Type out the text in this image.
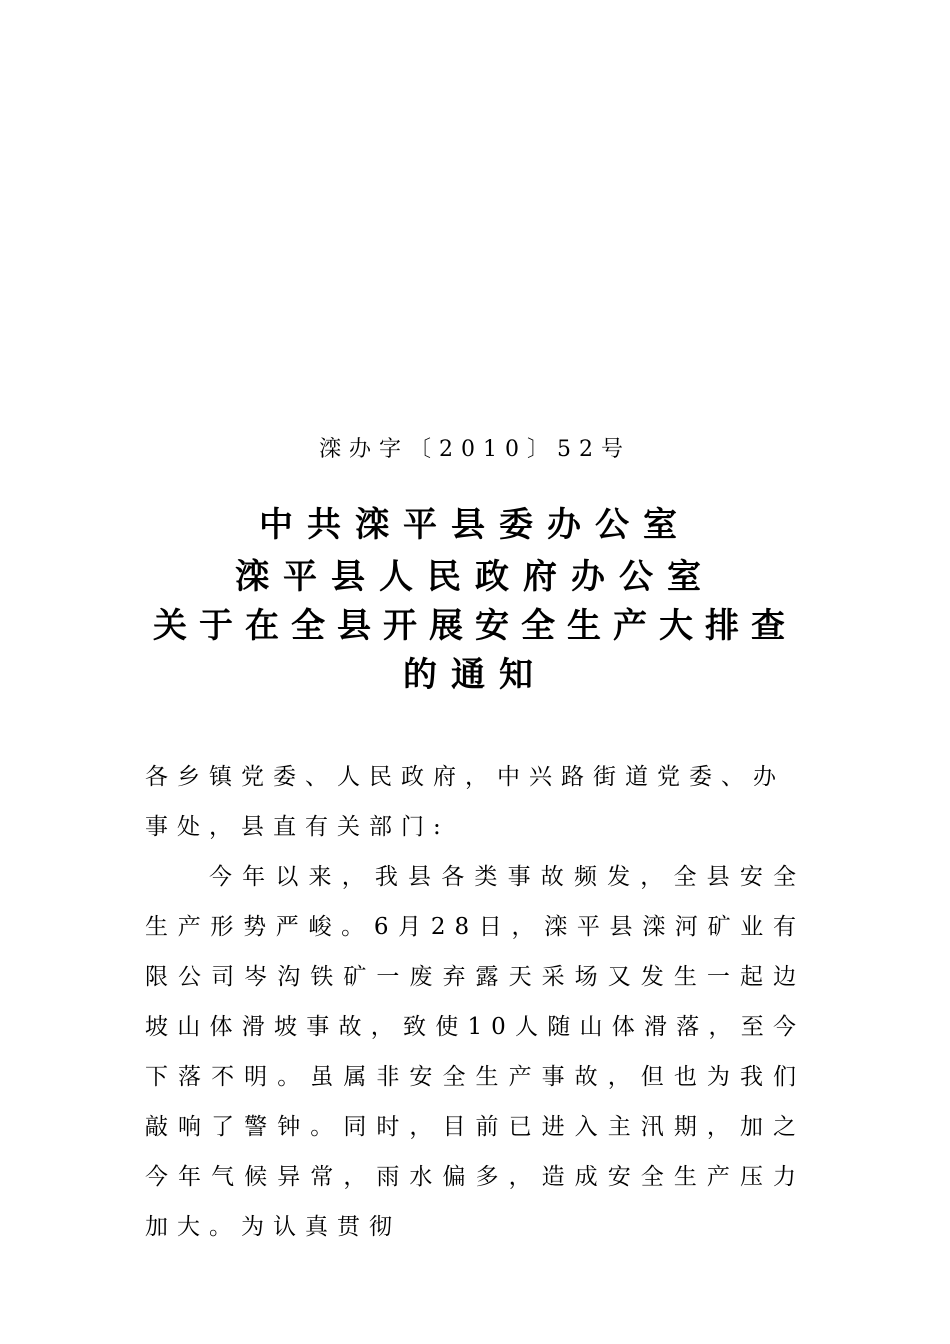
滦办字〔2010〕52号
中共滦平县委办公室
滦平县人民政府办公室
关于在全县开展安全生产大排查
的通知
各乡镇党委、人民政府，中兴路街道党委、办事处，县直有关部门:
今年以来，我县各类事故频发，全县安全生产形势严峻。6月28日，滦平县滦河矿业有限公司岑沟铁矿一废弃露天采场又发生一起边坡山体滑坡事故，致使10人随山体滑落，至今下落不明。虽属非安全生产事故，但也为我们敲响了警钟。同时，目前已进入主汛期，加之今年气候异常，雨水偏多，造成安全生产压力加大。为认真贯彻
